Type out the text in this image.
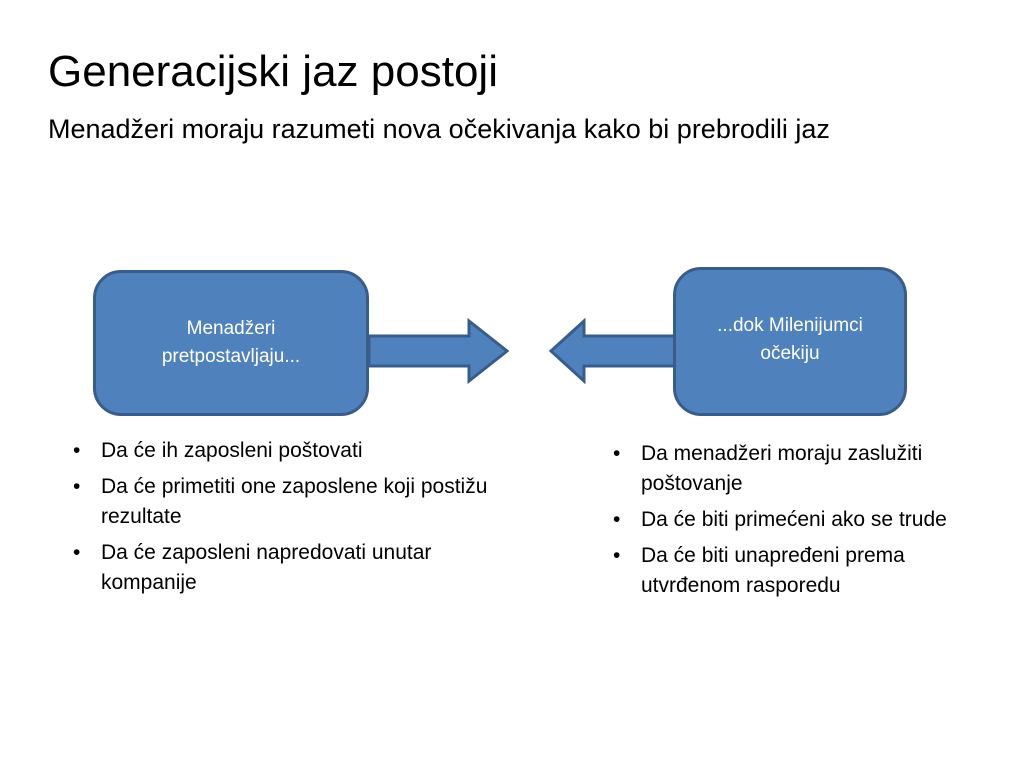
Generacijski jaz postoji
Menadžeri moraju razumeti nova očekivanja kako bi prebrodili jaz
Menadžeri pretpostavljaju...
...dok Milenijumci očekiju
• Da će ih zaposleni poštovati
• Da će primetiti one zaposlene koji postižu rezultate
• Da će zaposleni napredovati unutar kompanije
• Da menadžeri moraju zaslužiti poštovanje
• Da će biti primećeni ako se trude
• Da će biti unapređeni prema utvrđenom rasporedu
